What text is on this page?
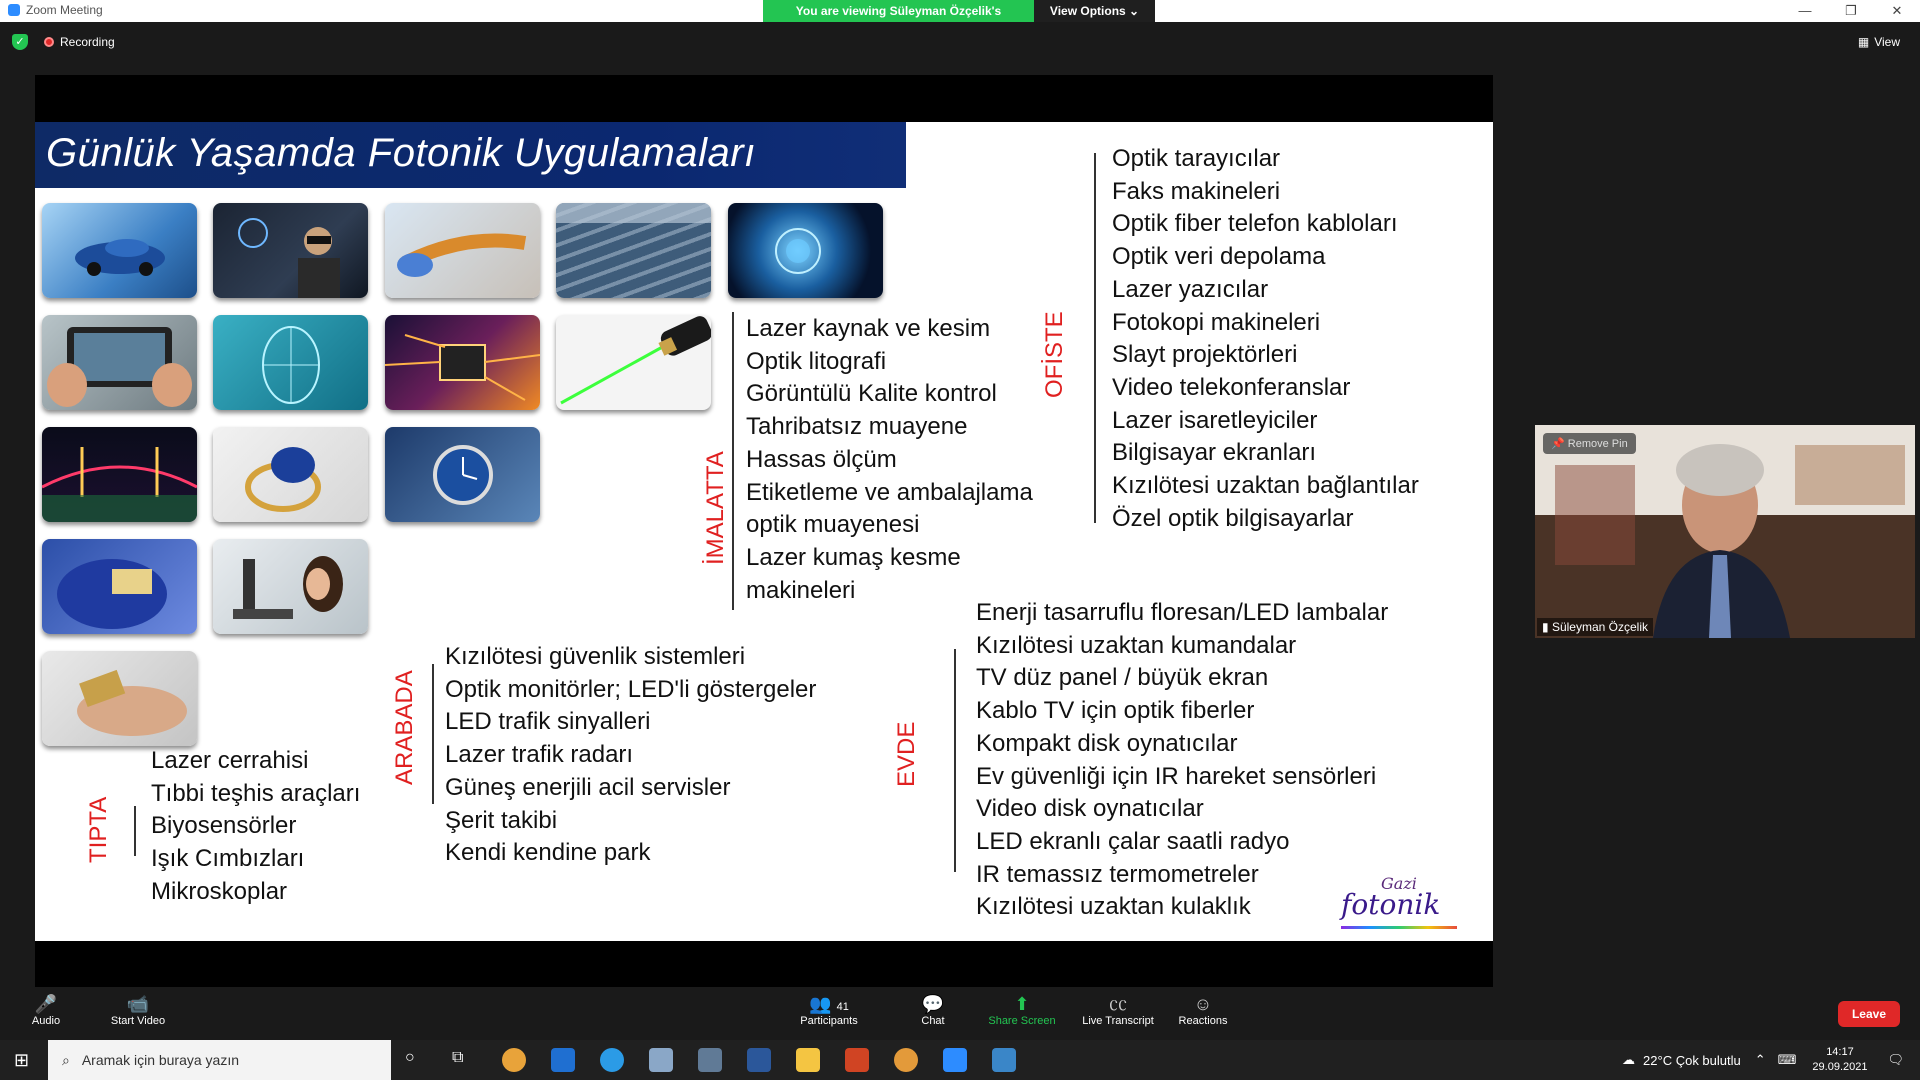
Zoom Meeting	You are viewing Süleyman Özçelik's	View Options ⌄	—	❐	✕
✓	Recording	▦ View
Günlük Yaşamda Fotonik Uygulamaları
İMALATTA
Lazer kaynak ve kesim
Optik litografi
Görüntülü Kalite kontrol
Tahribatsız muayene
Hassas ölçüm
Etiketleme ve ambalajlama
optik muayenesi
Lazer kumaş kesme
makineleri
OFİSTE
Optik tarayıcılar
Faks makineleri
Optik fiber telefon kabloları
Optik veri depolama
Lazer yazıcılar
Fotokopi makineleri
Slayt projektörleri
Video telekonferanslar
Lazer isaretleyiciler
Bilgisayar ekranları
Kızılötesi uzaktan bağlantılar
Özel optik bilgisayarlar
ARABADA
Kızılötesi güvenlik sistemleri
Optik monitörler; LED'li göstergeler
LED trafik sinyalleri
Lazer trafik radarı
Güneş enerjili acil servisler
Şerit takibi
Kendi kendine park
EVDE
Enerji tasarruflu floresan/LED lambalar
Kızılötesi uzaktan kumandalar
TV düz panel / büyük ekran
Kablo TV için optik fiberler
Kompakt disk oynatıcılar
Ev güvenliği için IR hareket sensörleri
Video disk oynatıcılar
LED ekranlı çalar saatli radyo
IR temassız termometreler
Kızılötesi uzaktan kulaklık
TIPTA
Lazer cerrahisi
Tıbbi teşhis araçları
Biyosensörler
Işık Cımbızları
Mikroskoplar	Gazi
fotonik
📌 Remove Pin
▮ Süleyman Özçelik
🎤
Audio
📹
Start Video
👥 41
Participants
💬
Chat
⬆
Share Screen
㏄
Live Transcript
☺
Reactions	Leave
⊞ ⌕ Aramak için buraya yazın	○ ⧉	☁ 22°C Çok bulutlu ⌃ ⌨	14:17
29.09.2021 🗨
